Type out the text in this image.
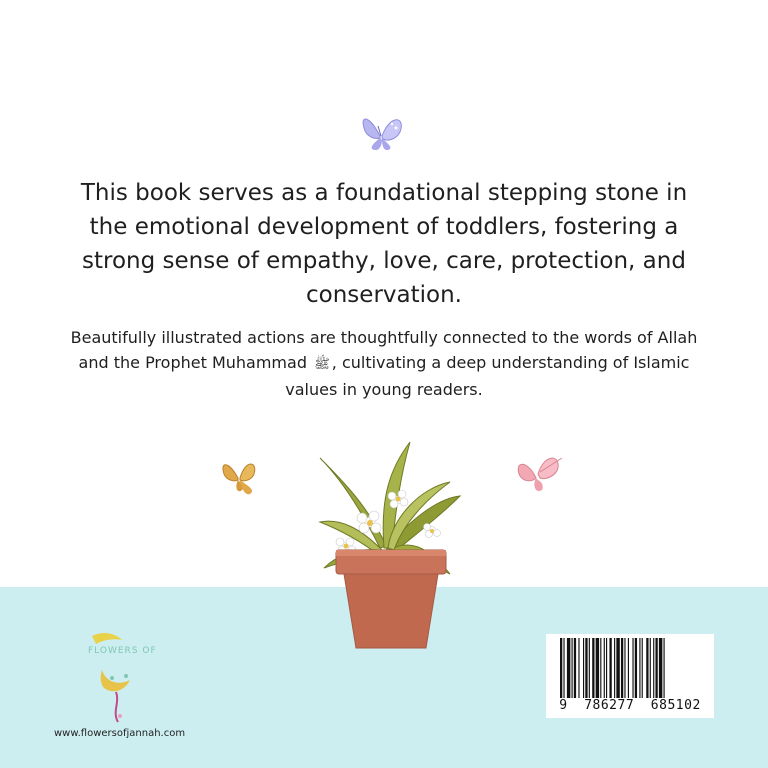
This book serves as a foundational stepping stone in the emotional development of toddlers, fostering a strong sense of empathy, love, care, protection, and conservation.

Beautifully illustrated actions are thoughtfully connected to the words of Allah and the Prophet Muhammad ﷺ , cultivating a deep understanding of Islamic values in young readers.

FLOWERS OF
www.flowersofjannah.com
9  786277  685102
